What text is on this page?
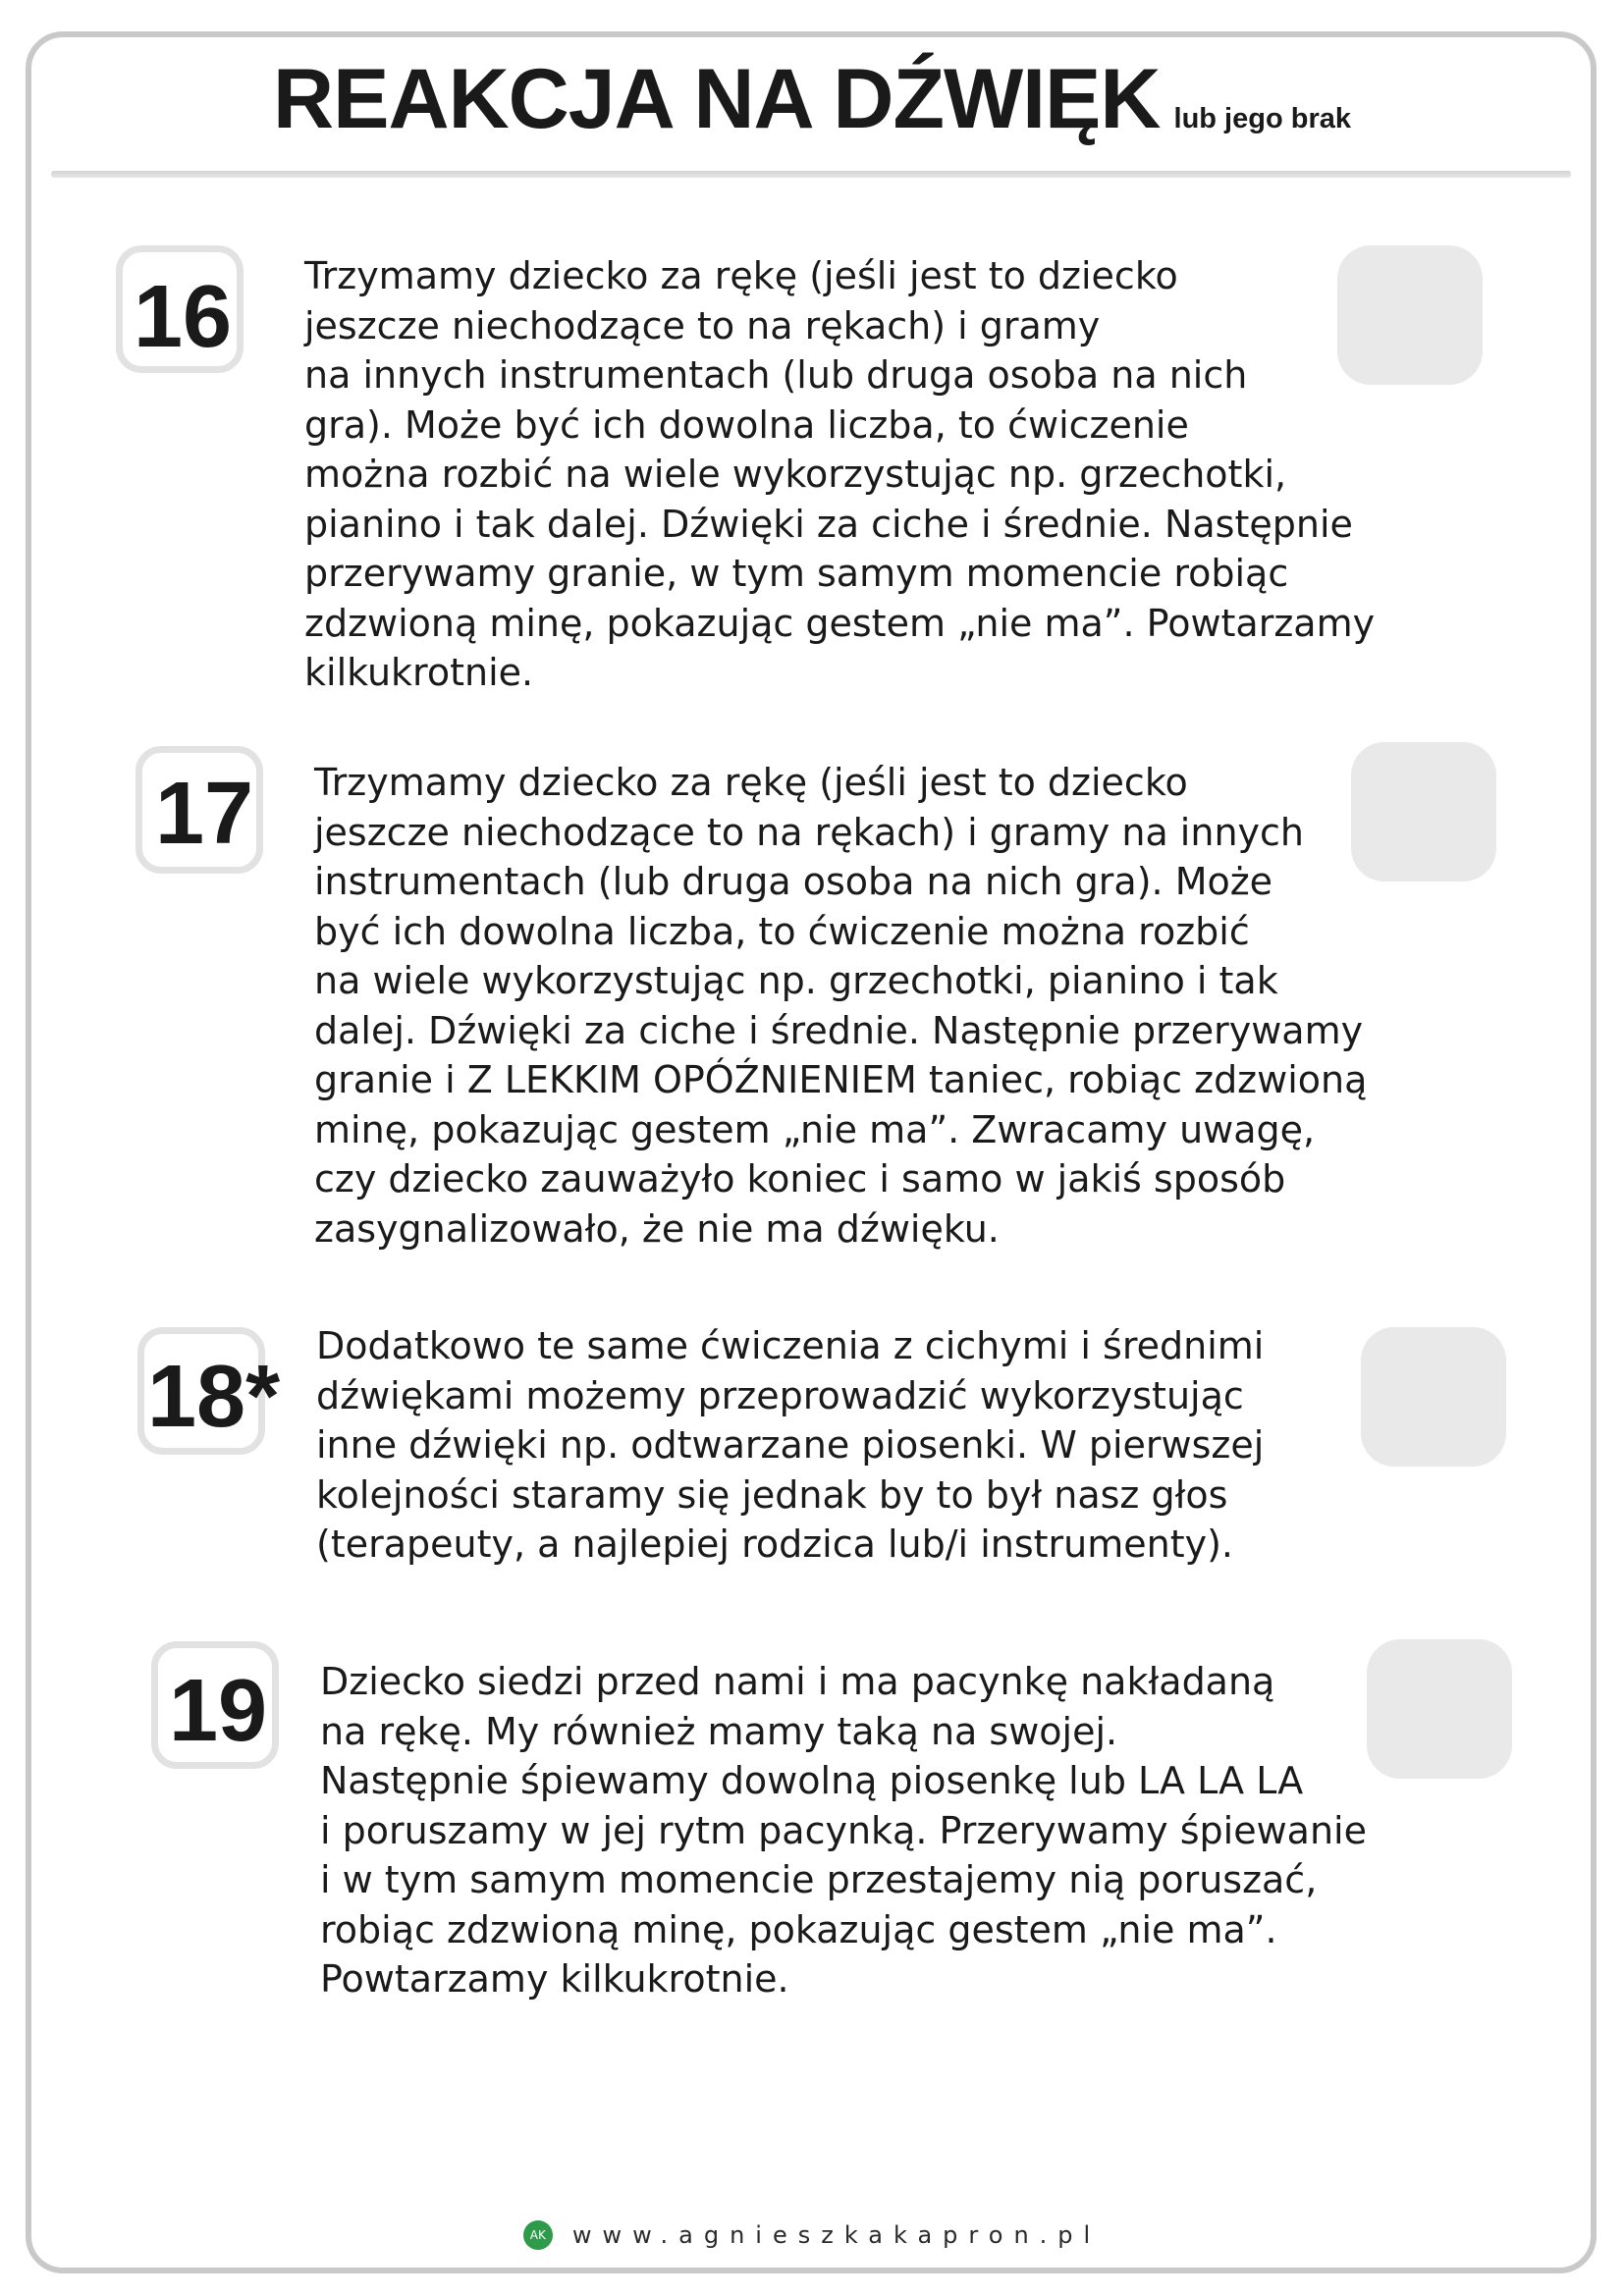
REAKCJA NA DŹWIĘK lub jego brak
16 Trzymamy dziecko za rękę (jeśli jest to dziecko
jeszcze niechodzące to na rękach) i gramy
na innych instrumentach (lub druga osoba na nich
gra). Może być ich dowolna liczba, to ćwiczenie
można rozbić na wiele wykorzystując np. grzechotki,
pianino i tak dalej. Dźwięki za ciche i średnie. Następnie
przerywamy granie, w tym samym momencie robiąc
zdzwioną minę, pokazując gestem „nie ma”. Powtarzamy
kilkukrotnie.
17 Trzymamy dziecko za rękę (jeśli jest to dziecko
jeszcze niechodzące to na rękach) i gramy na innych
instrumentach (lub druga osoba na nich gra). Może
być ich dowolna liczba, to ćwiczenie można rozbić
na wiele wykorzystując np. grzechotki, pianino i tak
dalej. Dźwięki za ciche i średnie. Następnie przerywamy
granie i Z LEKKIM OPÓŹNIENIEM taniec, robiąc zdzwioną
minę, pokazując gestem „nie ma”. Zwracamy uwagę,
czy dziecko zauważyło koniec i samo w jakiś sposób
zasygnalizowało, że nie ma dźwięku.
18*
Dodatkowo te same ćwiczenia z cichymi i średnimi
dźwiękami możemy przeprowadzić wykorzystując
inne dźwięki np. odtwarzane piosenki. W pierwszej
kolejności staramy się jednak by to był nasz głos
(terapeuty, a najlepiej rodzica lub/i instrumenty).
19 Dziecko siedzi przed nami i ma pacynkę nakładaną
na rękę. My również mamy taką na swojej.
Następnie śpiewamy dowolną piosenkę lub LA LA LA
i poruszamy w jej rytm pacynką. Przerywamy śpiewanie
i w tym samym momencie przestajemy nią poruszać,
robiąc zdzwioną minę, pokazując gestem „nie ma”.
Powtarzamy kilkukrotnie.
AK www.agnieszkakapron.pl
